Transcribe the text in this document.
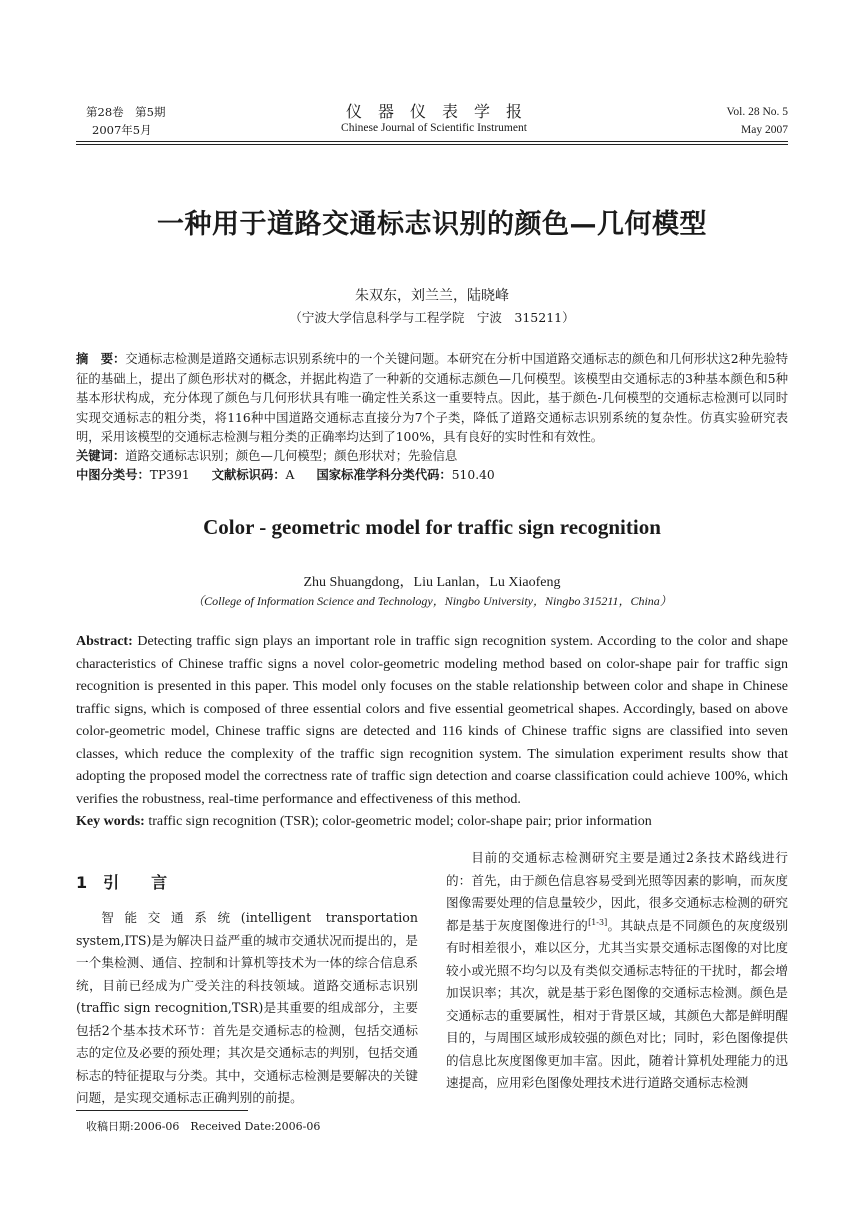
第28卷　第5期
2007年5月
仪器仪表学报
Chinese Journal of Scientific Instrument
Vol. 28 No. 5
May 2007
一种用于道路交通标志识别的颜色—几何模型
朱双东，刘兰兰，陆晓峰
（宁波大学信息科学与工程学院　宁波　315211）
摘　要：交通标志检测是道路交通标志识别系统中的一个关键问题。本研究在分析中国道路交通标志的颜色和几何形状这2种先验特征的基础上，提出了颜色形状对的概念，并据此构造了一种新的交通标志颜色—几何模型。该模型由交通标志的3种基本颜色和5种基本形状构成，充分体现了颜色与几何形状具有唯一确定性关系这一重要特点。因此，基于颜色-几何模型的交通标志检测可以同时实现交通标志的粗分类，将116种中国道路交通标志直接分为7个子类，降低了道路交通标志识别系统的复杂性。仿真实验研究表明，采用该模型的交通标志检测与粗分类的正确率均达到了100%，具有良好的实时性和有效性。
关键词：道路交通标志识别；颜色—几何模型；颜色形状对；先验信息
中图分类号：TP391 文献标识码：A 国家标准学科分类代码：510.40
Color - geometric model for traffic sign recognition
Zhu Shuangdong，Liu Lanlan，Lu Xiaofeng
（College of Information Science and Technology，Ningbo University，Ningbo 315211，China）
Abstract: Detecting traffic sign plays an important role in traffic sign recognition system. According to the color and shape characteristics of Chinese traffic signs a novel color-geometric modeling method based on color-shape pair for traffic sign recognition is presented in this paper. This model only focuses on the stable relationship between color and shape in Chinese traffic signs, which is composed of three essential colors and five essential geometrical shapes. Accordingly, based on above color-geometric model, Chinese traffic signs are detected and 116 kinds of Chinese traffic signs are classified into seven classes, which reduce the complexity of the traffic sign recognition system. The simulation experiment results show that adopting the proposed model the correctness rate of traffic sign detection and coarse classification could achieve 100%, which verifies the robustness, real-time performance and effectiveness of this method.
Key words: traffic sign recognition (TSR); color-geometric model; color-shape pair; prior information
1　引　　言

智能交通系统(intelligent transportation system,ITS)是为解决日益严重的城市交通状况而提出的，是一个集检测、通信、控制和计算机等技术为一体的综合信息系统，目前已经成为广受关注的科技领域。道路交通标志识别(traffic sign recognition,TSR)是其重要的组成部分，主要包括2个基本技术环节：首先是交通标志的检测，包括交通标志的定位及必要的预处理；其次是交通标志的判别，包括交通标志的特征提取与分类。其中，交通标志检测是要解决的关键问题，是实现交通标志正确判别的前提。

目前的交通标志检测研究主要是通过2条技术路线进行的：首先，由于颜色信息容易受到光照等因素的影响，而灰度图像需要处理的信息量较少，因此，很多交通标志检测的研究都是基于灰度图像进行的[1-3]。其缺点是不同颜色的灰度级别有时相差很小，难以区分，尤其当实景交通标志图像的对比度较小或光照不均匀以及有类似交通标志特征的干扰时，都会增加误识率；其次，就是基于彩色图像的交通标志检测。颜色是交通标志的重要属性，相对于背景区域，其颜色大都是鲜明醒目的，与周围区域形成较强的颜色对比；同时，彩色图像提供的信息比灰度图像更加丰富。因此，随着计算机处理能力的迅速提高，应用彩色图像处理技术进行道路交通标志检测

收稿日期:2006-06　Received Date:2006-06
